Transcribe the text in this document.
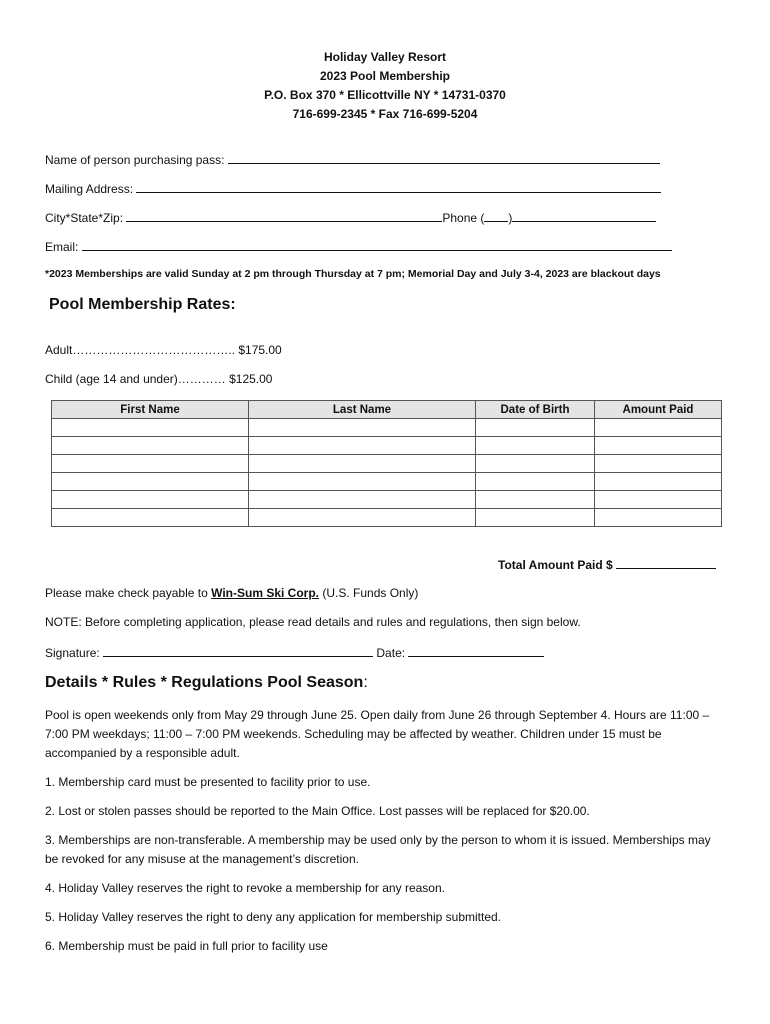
Holiday Valley Resort
2023 Pool Membership
P.O. Box 370 * Ellicottville NY * 14731-0370
716-699-2345 * Fax 716-699-5204
Name of person purchasing pass:
Mailing Address:
City*State*Zip:	Phone ( )
Email:
*2023 Memberships are valid Sunday at 2 pm through Thursday at 7 pm; Memorial Day and July 3-4, 2023 are blackout days
Pool Membership Rates:
Adult………………………………….. $175.00
Child (age 14 and under)………… $125.00
First Name	Last Name	Date of Birth	Amount Paid

Total Amount Paid $
Please make check payable to Win-Sum Ski Corp. (U.S. Funds Only)
NOTE: Before completing application, please read details and rules and regulations, then sign below.
Signature:	Date:
Details * Rules * Regulations Pool Season:
Pool is open weekends only from May 29 through June 25. Open daily from June 26 through September 4. Hours are 11:00 – 7:00 PM weekdays; 11:00 – 7:00 PM weekends. Scheduling may be affected by weather. Children under 15 must be accompanied by a responsible adult.
1. Membership card must be presented to facility prior to use.
2. Lost or stolen passes should be reported to the Main Office. Lost passes will be replaced for $20.00.
3. Memberships are non-transferable. A membership may be used only by the person to whom it is issued. Memberships may be revoked for any misuse at the management’s discretion.
4. Holiday Valley reserves the right to revoke a membership for any reason.
5. Holiday Valley reserves the right to deny any application for membership submitted.
6. Membership must be paid in full prior to facility use
